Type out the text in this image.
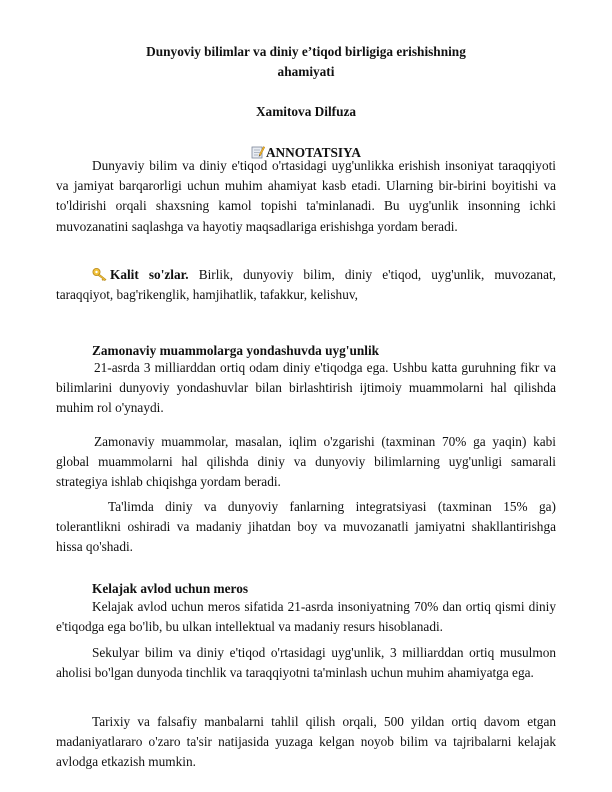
Dunyoviy bilimlar va diniy e’tiqod birligiga erishishning
ahamiyati
Xamitova Dilfuza
ANNOTATSIYA
Dunyaviy bilim va diniy e'tiqod o'rtasidagi uyg'unlikka erishish insoniyat taraqqiyoti va jamiyat barqarorligi uchun muhim ahamiyat kasb etadi. Ularning bir-birini boyitishi va to'ldirishi orqali shaxsning kamol topishi ta'minlanadi. Bu uyg'unlik insonning ichki muvozanatini saqlashga va hayotiy maqsadlariga erishishga yordam beradi.
Kalit so'zlar. Birlik, dunyoviy bilim, diniy e'tiqod, uyg'unlik, muvozanat, taraqqiyot, bag'rikenglik, hamjihatlik, tafakkur, kelishuv,
Zamonaviy muammolarga yondashuvda uyg'unlik
21-asrda 3 milliarddan ortiq odam diniy e'tiqodga ega. Ushbu katta guruhning fikr va bilimlarini dunyoviy yondashuvlar bilan birlashtirish ijtimoiy muammolarni hal qilishda muhim rol o'ynaydi.
Zamonaviy muammolar, masalan, iqlim o'zgarishi (taxminan 70% ga yaqin) kabi global muammolarni hal qilishda diniy va dunyoviy bilimlarning uyg'unligi samarali strategiya ishlab chiqishga yordam beradi.
Ta'limda diniy va dunyoviy fanlarning integratsiyasi (taxminan 15% ga) tolerantlikni oshiradi va madaniy jihatdan boy va muvozanatli jamiyatni shakllantirishga hissa qo'shadi.
Kelajak avlod uchun meros
Kelajak avlod uchun meros sifatida 21-asrda insoniyatning 70% dan ortiq qismi diniy e'tiqodga ega bo'lib, bu ulkan intellektual va madaniy resurs hisoblanadi.
Sekulyar bilim va diniy e'tiqod o'rtasidagi uyg'unlik, 3 milliarddan ortiq musulmon aholisi bo'lgan dunyoda tinchlik va taraqqiyotni ta'minlash uchun muhim ahamiyatga ega.
Tarixiy va falsafiy manbalarni tahlil qilish orqali, 500 yildan ortiq davom etgan madaniyatlararo o'zaro ta'sir natijasida yuzaga kelgan noyob bilim va tajribalarni kelajak avlodga etkazish mumkin.
